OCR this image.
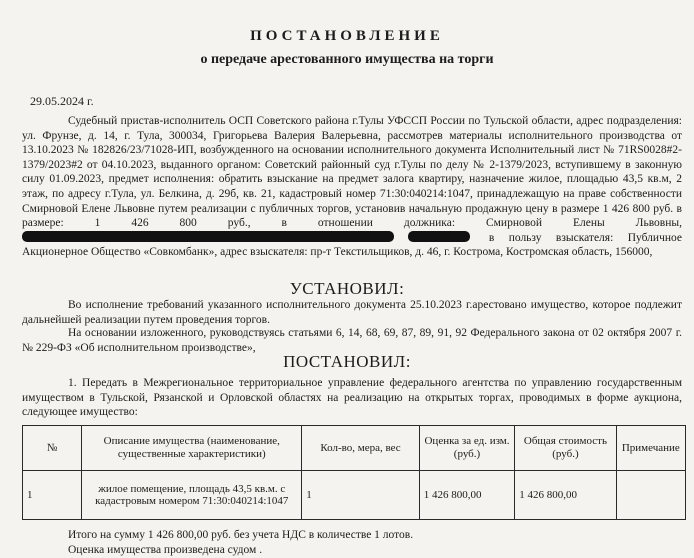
ПОСТАНОВЛЕНИЕ
о передаче арестованного имущества на торги
29.05.2024 г.
Судебный пристав-исполнитель ОСП Советского района г.Тулы УФССП России по Тульской области, адрес подразделения: ул. Фрунзе, д. 14, г. Тула, 300034, Григорьева Валерия Валерьевна, рассмотрев материалы исполнительного производства от 13.10.2023 № 182826/23/71028-ИП, возбужденного на основании исполнительного документа Исполнительный лист № 71RS0028#2-1379/2023#2 от 04.10.2023, выданного органом: Советский районный суд г.Тулы по делу № 2-1379/2023, вступившему в законную силу 01.09.2023, предмет исполнения: обратить взыскание на предмет залога квартиру, назначение жилое, площадью 43,5 кв.м, 2 этаж, по адресу г.Тула, ул. Белкина, д. 29б, кв. 21, кадастровый номер 71:30:040214:1047, принадлежащую на праве собственности Смирновой Елене Львовне путем реализации с публичных торгов, установив начальную продажную цену в размере 1 426 800 руб. в размере: 1 426 800 руб., в отношении должника: Смирновой Елены Львовны,   в пользу взыскателя: Публичное Акционерное Общество «Совкомбанк», адрес взыскателя: пр-т Текстильщиков, д. 46, г. Кострома, Костромская область, 156000,
УСТАНОВИЛ:
Во исполнение требований указанного исполнительного документа 25.10.2023 г.арестовано имущество, которое подлежит дальнейшей реализации путем проведения торгов.
На основании изложенного, руководствуясь статьями 6, 14, 68, 69, 87, 89, 91, 92 Федерального закона от 02 октября 2007 г. № 229-ФЗ «Об исполнительном производстве»,
ПОСТАНОВИЛ:
1. Передать в Межрегиональное территориальное управление федерального агентства по управлению государственным имуществом в Тульской, Рязанской и Орловской областях на реализацию на открытых торгах, проводимых в форме аукциона, следующее имущество:
№	Описание имущества (наименование, существенные характеристики)	Кол-во, мера, вес	Оценка за ед. изм. (руб.)	Общая стоимость (руб.)	Примечание
1	жилое помещение, площадь 43,5 кв.м. с кадастровым номером 71:30:040214:1047	1	1 426 800,00	1 426 800,00	
Итого на сумму 1 426 800,00 руб. без учета НДС в количестве 1 лотов.
Оценка имущества произведена судом .
